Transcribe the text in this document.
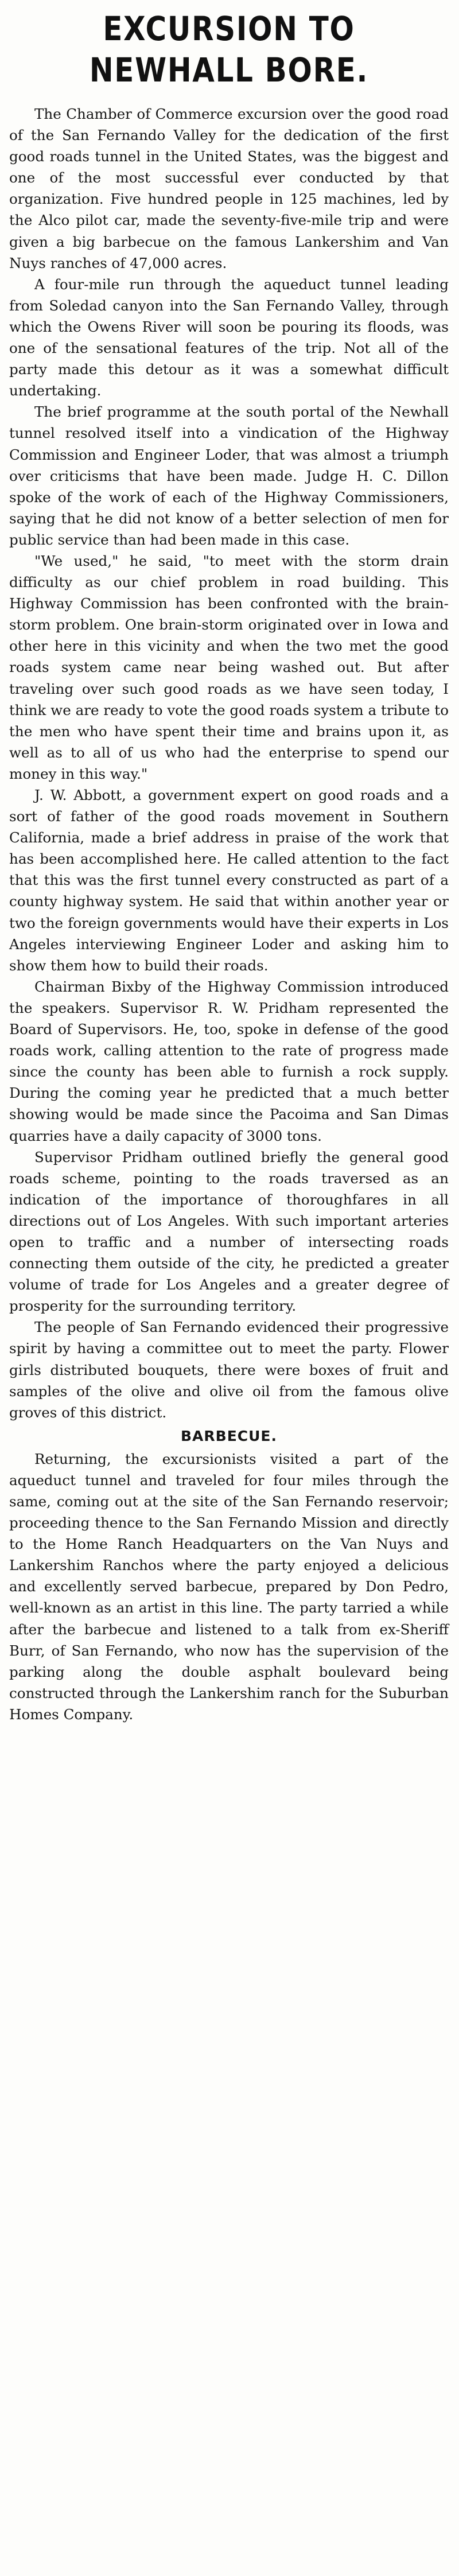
EXCURSION TO
NEWHALL BORE.

The Chamber of Commerce excursion over the good road of the San Fernando Valley for the dedication of the first good roads tunnel in the United States, was the biggest and one of the most successful ever conducted by that organization. Five hundred people in 125 machines, led by the Alco pilot car, made the seventy-five-mile trip and were given a big barbecue on the famous Lankershim and Van Nuys ranches of 47,000 acres.

A four-mile run through the aqueduct tunnel leading from Soledad canyon into the San Fernando Valley, through which the Owens River will soon be pouring its floods, was one of the sensational features of the trip. Not all of the party made this detour as it was a somewhat difficult undertaking.

The brief programme at the south portal of the Newhall tunnel resolved itself into a vindication of the Highway Commission and Engineer Loder, that was almost a triumph over criticisms that have been made. Judge H. C. Dillon spoke of the work of each of the Highway Commissioners, saying that he did not know of a better selection of men for public service than had been made in this case.

"We used," he said, "to meet with the storm drain difficulty as our chief problem in road building. This Highway Commission has been confronted with the brain-storm problem. One brain-storm originated over in Iowa and other here in this vicinity and when the two met the good roads system came near being washed out. But after traveling over such good roads as we have seen today, I think we are ready to vote the good roads system a tribute to the men who have spent their time and brains upon it, as well as to all of us who had the enterprise to spend our money in this way."

J. W. Abbott, a government expert on good roads and a sort of father of the good roads movement in Southern California, made a brief address in praise of the work that has been accomplished here. He called attention to the fact that this was the first tunnel every constructed as part of a county highway system. He said that within another year or two the foreign governments would have their experts in Los Angeles interviewing Engineer Loder and asking him to show them how to build their roads.

Chairman Bixby of the Highway Commission introduced the speakers. Supervisor R. W. Pridham represented the Board of Supervisors. He, too, spoke in defense of the good roads work, calling attention to the rate of progress made since the county has been able to furnish a rock supply. During the coming year he predicted that a much better showing would be made since the Pacoima and San Dimas quarries have a daily capacity of 3000 tons.

Supervisor Pridham outlined briefly the general good roads scheme, pointing to the roads traversed as an indication of the importance of thoroughfares in all directions out of Los Angeles. With such important arteries open to traffic and a number of intersecting roads connecting them outside of the city, he predicted a greater volume of trade for Los Angeles and a greater degree of prosperity for the surrounding territory.

The people of San Fernando evidenced their progressive spirit by having a committee out to meet the party. Flower girls distributed bouquets, there were boxes of fruit and samples of the olive and olive oil from the famous olive groves of this district.

BARBECUE.

Returning, the excursionists visited a part of the aqueduct tunnel and traveled for four miles through the same, coming out at the site of the San Fernando reservoir; proceeding thence to the San Fernando Mission and directly to the Home Ranch Headquarters on the Van Nuys and Lankershim Ranchos where the party enjoyed a delicious and excellently served barbecue, prepared by Don Pedro, well-known as an artist in this line. The party tarried a while after the barbecue and listened to a talk from ex-Sheriff Burr, of San Fernando, who now has the supervision of the parking along the double asphalt boulevard being constructed through the Lankershim ranch for the Suburban Homes Company.
